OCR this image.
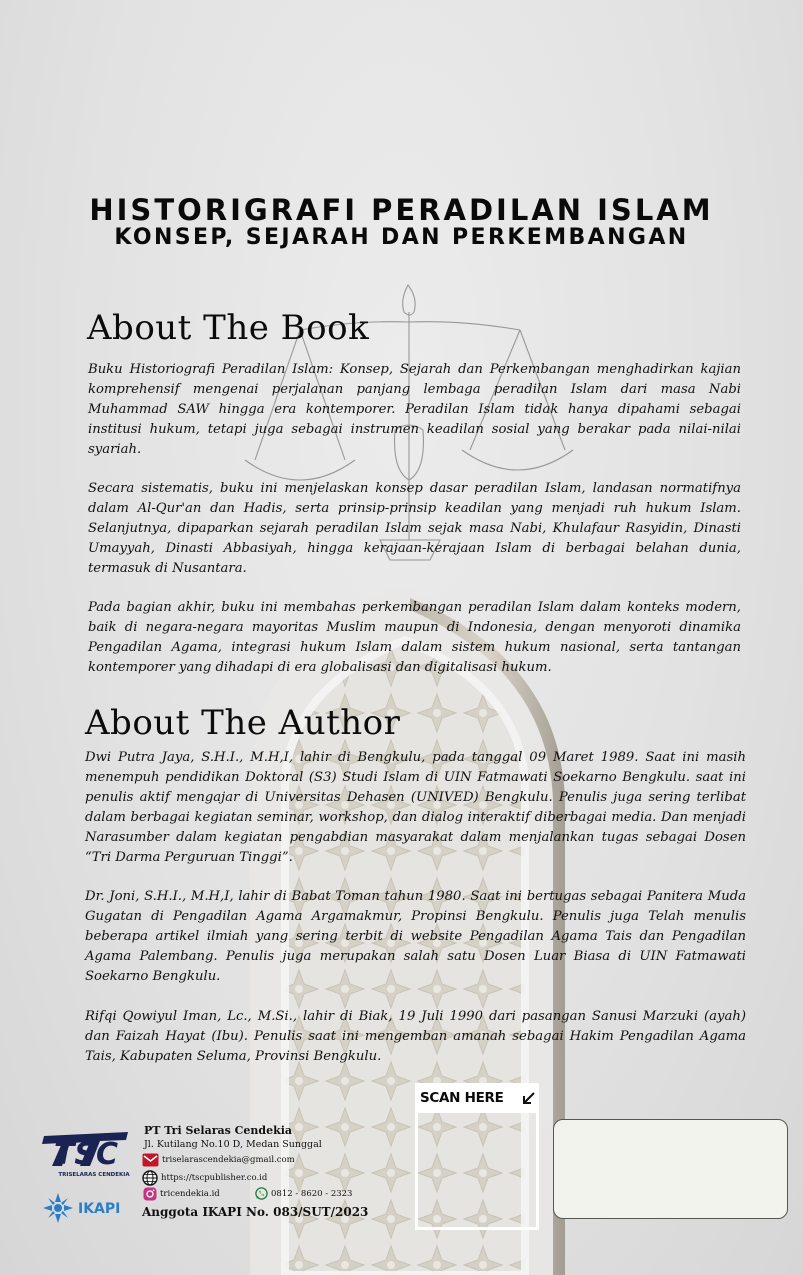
HISTORIGRAFI PERADILAN ISLAM
KONSEP, SEJARAH DAN PERKEMBANGAN
About The Book

Buku Historiografi Peradilan Islam: Konsep, Sejarah dan Perkembangan menghadirkan kajian komprehensif mengenai perjalanan panjang lembaga peradilan Islam dari masa Nabi Muhammad SAW hingga era kontemporer. Peradilan Islam tidak hanya dipahami sebagai institusi hukum, tetapi juga sebagai instrumen keadilan sosial yang berakar pada nilai-nilai syariah.

Secara sistematis, buku ini menjelaskan konsep dasar peradilan Islam, landasan normatifnya dalam Al-Qur'an dan Hadis, serta prinsip-prinsip keadilan yang menjadi ruh hukum Islam. Selanjutnya, dipaparkan sejarah peradilan Islam sejak masa Nabi, Khulafaur Rasyidin, Dinasti Umayyah, Dinasti Abbasiyah, hingga kerajaan-kerajaan Islam di berbagai belahan dunia, termasuk di Nusantara.

Pada bagian akhir, buku ini membahas perkembangan peradilan Islam dalam konteks modern, baik di negara-negara mayoritas Muslim maupun di Indonesia, dengan menyoroti dinamika Pengadilan Agama, integrasi hukum Islam dalam sistem hukum nasional, serta tantangan kontemporer yang dihadapi di era globalisasi dan digitalisasi hukum.

About The Author

Dwi Putra Jaya, S.H.I., M.H,I, lahir di Bengkulu, pada tanggal 09 Maret 1989. Saat ini masih menempuh pendidikan Doktoral (S3) Studi Islam di UIN Fatmawati Soekarno Bengkulu. saat ini penulis aktif mengajar di Universitas Dehasen (UNIVED) Bengkulu. Penulis juga sering terlibat dalam berbagai kegiatan seminar, workshop, dan dialog interaktif diberbagai media. Dan menjadi Narasumber dalam kegiatan pengabdian masyarakat dalam menjalankan tugas sebagai Dosen “Tri Darma Perguruan Tinggi”.

Dr. Joni, S.H.I., M.H,I, lahir di Babat Toman tahun 1980. Saat ini bertugas sebagai Panitera Muda Gugatan di Pengadilan Agama Argamakmur, Propinsi Bengkulu. Penulis juga Telah menulis beberapa artikel ilmiah yang sering terbit di website Pengadilan Agama Tais dan Pengadilan Agama Palembang. Penulis juga merupakan salah satu Dosen Luar Biasa di UIN Fatmawati Soekarno Bengkulu.

Rifqi Qowiyul Iman, Lc., M.Si., lahir di Biak, 19 Juli 1990 dari pasangan Sanusi Marzuki (ayah) dan Faizah Hayat (Ibu). Penulis saat ini mengemban amanah sebagai Hakim Pengadilan Agama Tais, Kabupaten Seluma, Provinsi Bengkulu.

TSC
TRISELARAS CENDEKIA
IKAPI
PT Tri Selaras Cendekia
Jl. Kutilang No.10 D, Medan Sunggal
triselarascendekia@gmail.com
https://tscpublisher.co.id
tricendekia.id	0812 - 8620 - 2323
Anggota IKAPI No. 083/SUT/2023
SCAN HERE
